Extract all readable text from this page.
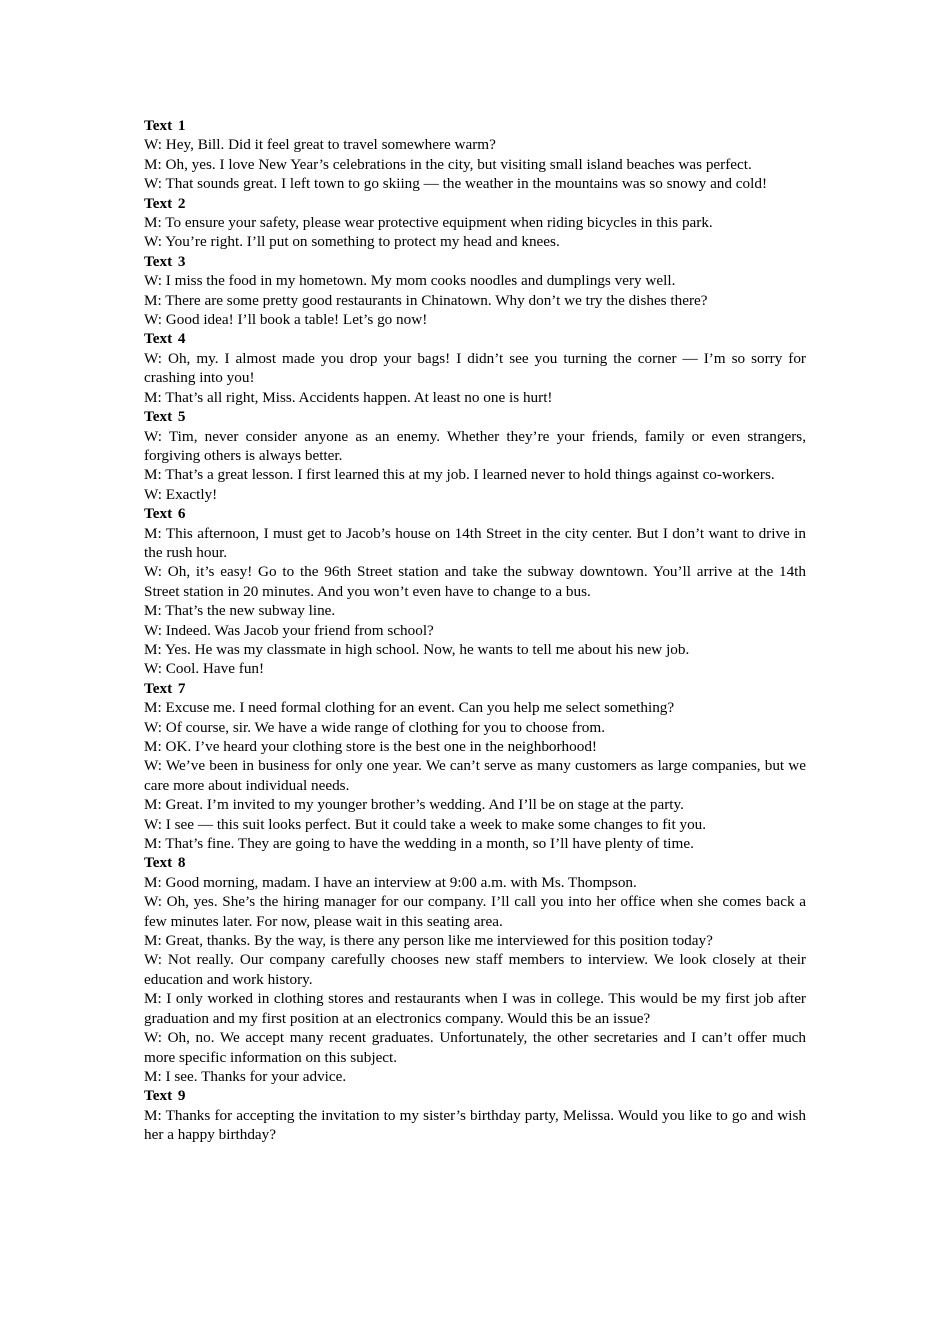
Text 1

W: Hey, Bill. Did it feel great to travel somewhere warm?

M: Oh, yes. I love New Year’s celebrations in the city, but visiting small island beaches was perfect.

W: That sounds great. I left town to go skiing — the weather in the mountains was so snowy and cold!

Text 2

M: To ensure your safety, please wear protective equipment when riding bicycles in this park.

W: You’re right. I’ll put on something to protect my head and knees.

Text 3

W: I miss the food in my hometown. My mom cooks noodles and dumplings very well.

M: There are some pretty good restaurants in Chinatown. Why don’t we try the dishes there?

W: Good idea! I’ll book a table! Let’s go now!

Text 4

W: Oh, my. I almost made you drop your bags! I didn’t see you turning the corner — I’m so sorry for crashing into you!

M: That’s all right, Miss. Accidents happen. At least no one is hurt!

Text 5

W: Tim, never consider anyone as an enemy. Whether they’re your friends, family or even strangers, forgiving others is always better.

M: That’s a great lesson. I first learned this at my job. I learned never to hold things against co-workers.

W: Exactly!

Text 6

M: This afternoon, I must get to Jacob’s house on 14th Street in the city center. But I don’t want to drive in the rush hour.

W: Oh, it’s easy! Go to the 96th Street station and take the subway downtown. You’ll arrive at the 14th Street station in 20 minutes. And you won’t even have to change to a bus.

M: That’s the new subway line.

W: Indeed. Was Jacob your friend from school?

M: Yes. He was my classmate in high school. Now, he wants to tell me about his new job.

W: Cool. Have fun!

Text 7

M: Excuse me. I need formal clothing for an event. Can you help me select something?

W: Of course, sir. We have a wide range of clothing for you to choose from.

M: OK. I’ve heard your clothing store is the best one in the neighborhood!

W: We’ve been in business for only one year. We can’t serve as many customers as large companies, but we care more about individual needs.

M: Great. I’m invited to my younger brother’s wedding. And I’ll be on stage at the party.

W: I see — this suit looks perfect. But it could take a week to make some changes to fit you.

M: That’s fine. They are going to have the wedding in a month, so I’ll have plenty of time.

Text 8

M: Good morning, madam. I have an interview at 9:00 a.m. with Ms. Thompson.

W: Oh, yes. She’s the hiring manager for our company. I’ll call you into her office when she comes back a few minutes later. For now, please wait in this seating area.

M: Great, thanks. By the way, is there any person like me interviewed for this position today?

W: Not really. Our company carefully chooses new staff members to interview. We look closely at their education and work history.

M: I only worked in clothing stores and restaurants when I was in college. This would be my first job after graduation and my first position at an electronics company. Would this be an issue?

W: Oh, no. We accept many recent graduates. Unfortunately, the other secretaries and I can’t offer much more specific information on this subject.

M: I see. Thanks for your advice.

Text 9

M: Thanks for accepting the invitation to my sister’s birthday party, Melissa. Would you like to go and wish her a happy birthday?
